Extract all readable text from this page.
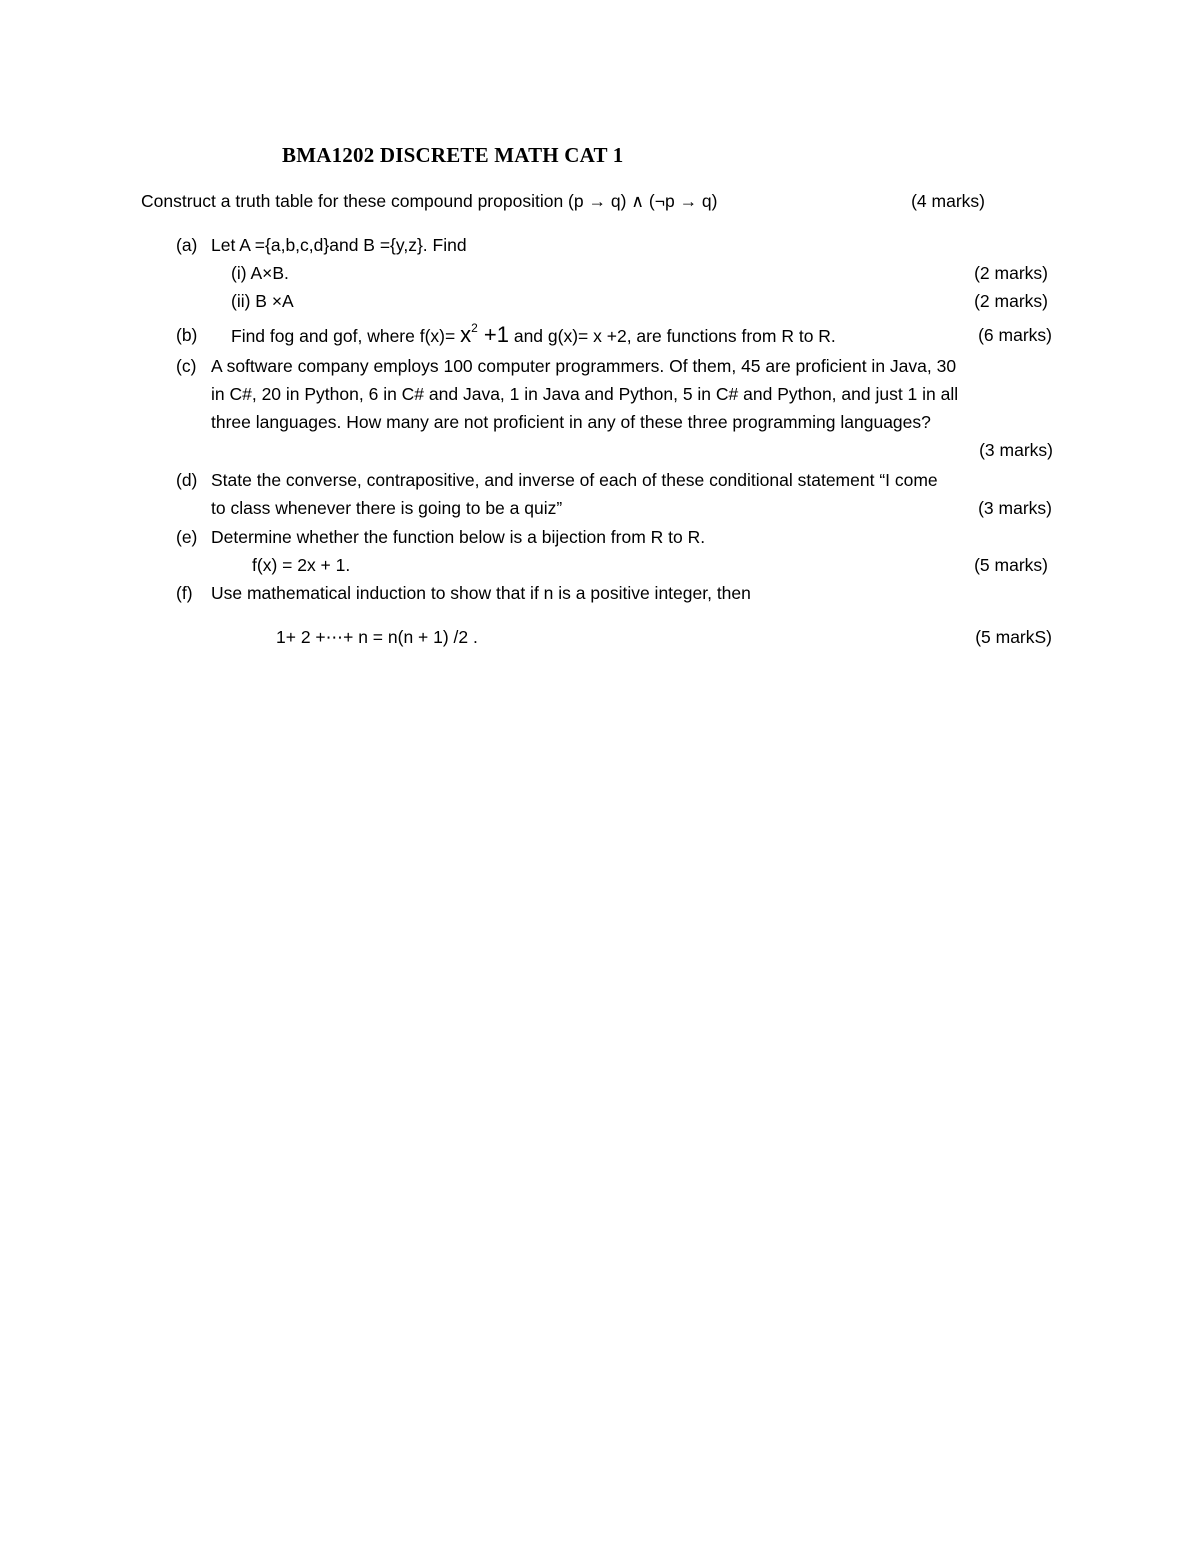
BMA1202 DISCRETE MATH CAT 1
Construct a truth table for these compound proposition (p → q) ∧ (¬p → q)	(4 marks)
(a) Let A ={a,b,c,d}and B ={y,z}. Find
(i) A×B.	(2 marks)
(ii) B ×A	(2 marks)
(b) Find fog and gof, where $f(x)= x^2 +1$ and g(x)= x +2, are functions from R to R.	(6 marks)
(c) A software company employs 100 computer programmers. Of them, 45 are proficient in Java, 30
in C#, 20 in Python, 6 in C# and Java, 1 in Java and Python, 5 in C# and Python, and just 1 in all
three languages. How many are not proficient in any of these three programming languages?
(3 marks)
(d) State the converse, contrapositive, and inverse of each of these conditional statement “I come
to class whenever there is going to be a quiz”	(3 marks)
(e) Determine whether the function below is a bijection from R to R.
f(x) = 2x + 1.	(5 marks)
(f) Use mathematical induction to show that if n is a positive integer, then
1+ 2 +⋯+ n = n(n + 1) /2 .	(5 markS)
